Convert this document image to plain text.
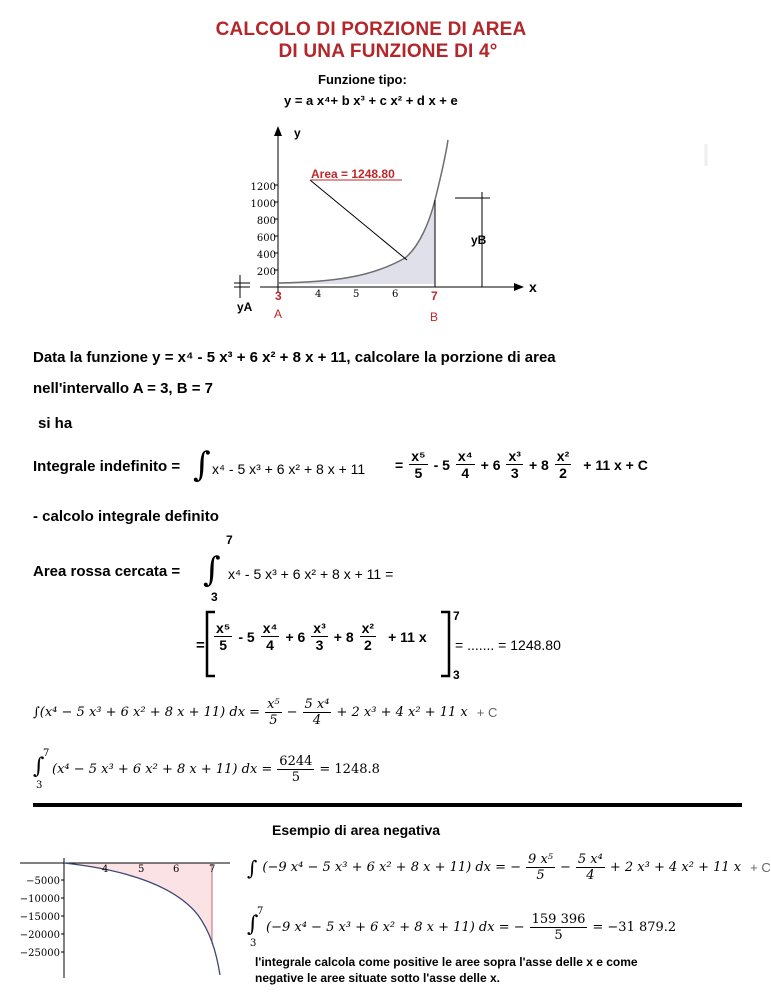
CALCOLO DI PORZIONE DI AREA
DI UNA FUNZIONE DI 4°
Funzione tipo:
y = a x⁴+ b x³ + c x² + d x + e
y
x
1200
1000
800
600
400
200
4	5	6
3	7
A	B
yA
yB
Area = 1248.80
Data la funzione y = x⁴ - 5 x³ + 6 x² + 8 x + 11, calcolare la porzione di area
nell'intervallo A = 3, B = 7
si ha
Integrale indefinito = ∫ x⁴ - 5 x³ + 6 x² + 8 $x + 11 = \frac{\text{x⁵}}{5} - 5 \frac{\text{x⁴}}{4} + 6 \frac{\text{x³}}{3} + 8 \frac{\text{x²}}{2} + 11$ x + C
- calcolo integrale definito
Area rossa cercata = ∫
7
3
x⁴ - 5 x³ + 6 x² + 8 x + 11 =
= $\frac{\text{x⁵}}{5} - 5 \frac{\text{x⁴}}{4} + 6 \frac{\text{x³}}{3} + 8 \frac{\text{x²}}{2} + 11$ x
7
3
= ....... = 1248.80
∫(x⁴ − 5 x³ + 6 x² + 8 x + 11) dx = $\frac{\text{x⁵}}{5} - \frac{\text{5 x⁴}}{4} + 2$ x³ + 4 x² + 11 x + C
∫
7
3
(x⁴ − 5 x³ + 6 x² + 8 x + 11) dx = $\frac{6244}{5} = 1248.8$
Esempio di area negativa
−5000
−10000
−15000
−20000
−25000
4	5	6	7 ∫ (−9 x⁴ − 5 x³ + 6 x² + 8 x + 11) dx = − $\frac{\text{9 x⁵}}{5} - \frac{\text{5 x⁴}}{4} + 2$ x³ + 4 x² + 11 x + C
∫
7
3
(−9 x⁴ − 5 x³ + 6 x² + 8 x + 11) dx = − $\frac{159 396}{5} = -31$ 879.2
l'integrale calcola come positive le aree sopra l'asse delle x e come
negative le aree situate sotto l'asse delle x.
